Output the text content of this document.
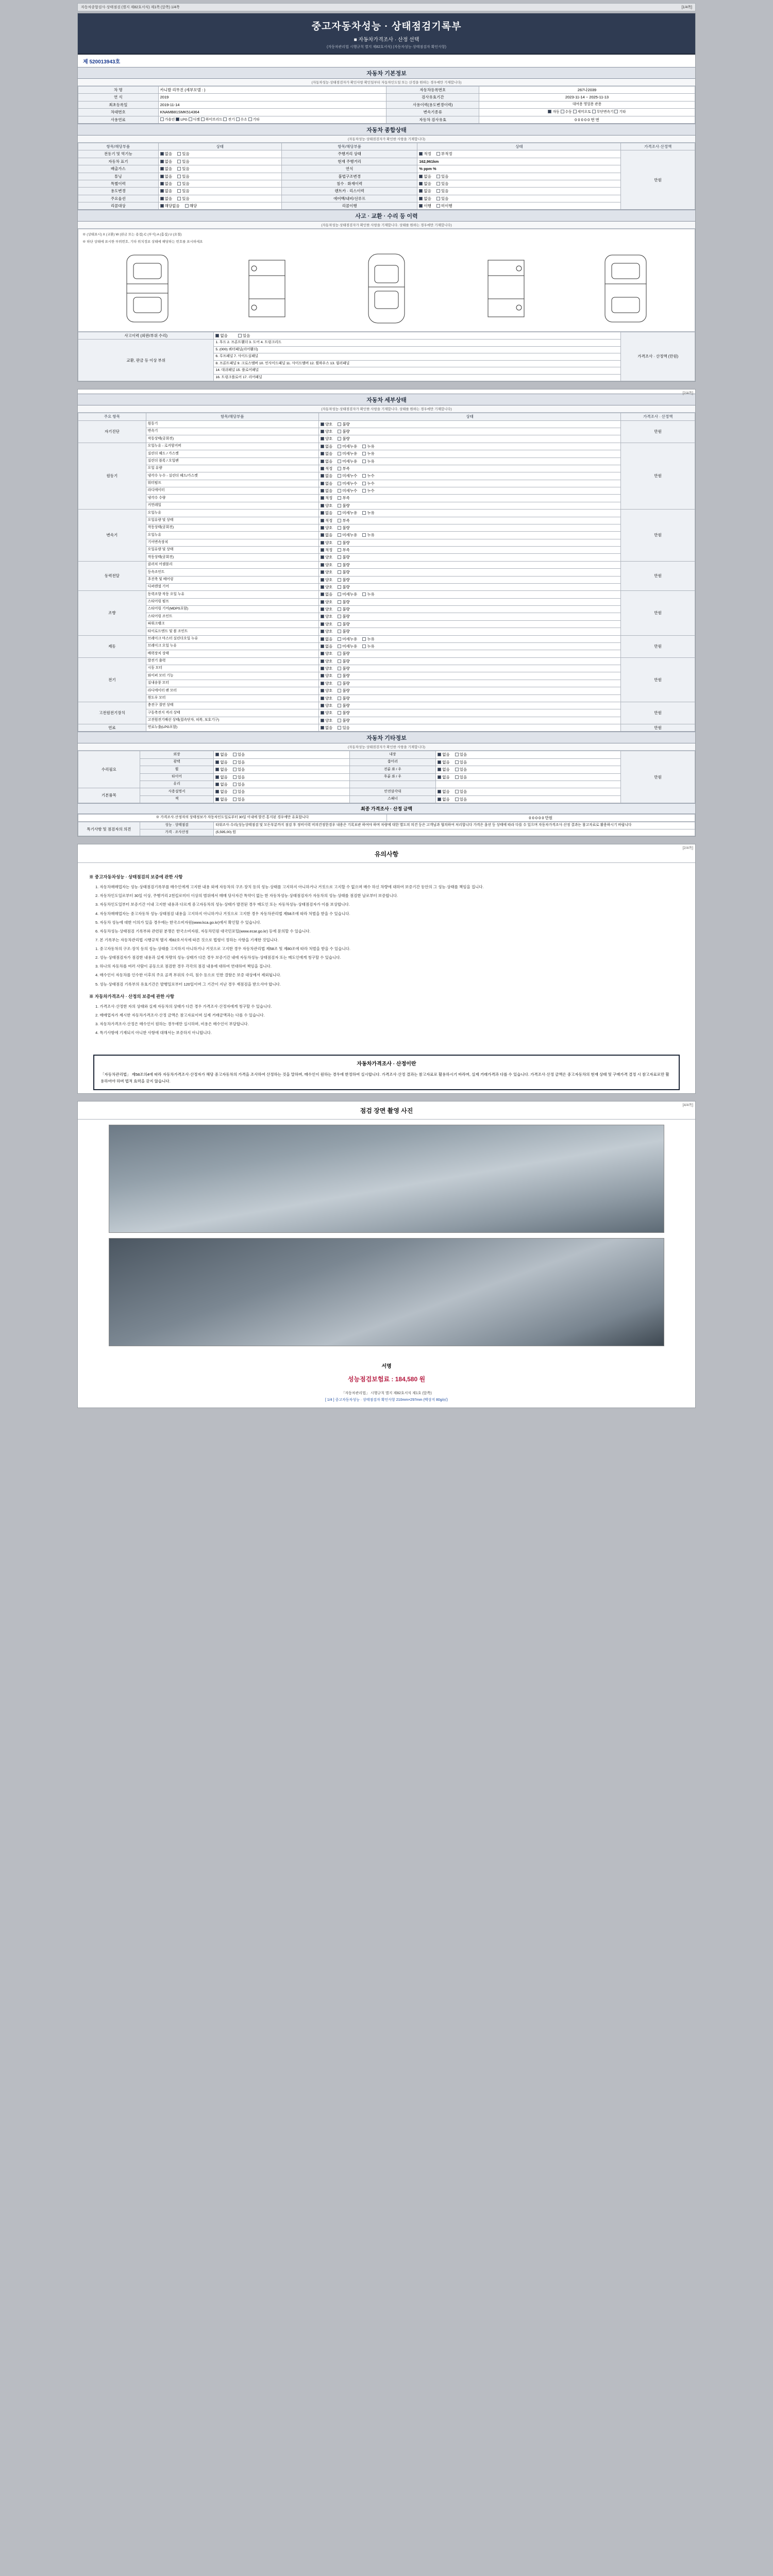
자동차종합검사·상태점검 (별지 제82호서식) 제1쪽 (앞쪽) 1/4쪽	[1/4쪽]
중고자동차성능 · 상태점검기록부
■ 자동차가격조사 · 산정 선택
(자동차관리법 시행규칙 별지 제82호서식) (자동차성능·상태점검자 확인사항)
제 520013943호
자동차 기본정보
(자동차성능·상태점검자가 확인사항 확인일부터 자동차인도일 또는 산정을 원하는 경우에만 기재합니다)
차 명	카니발 리무진 (세부모델 : )	자동차등록번호	267나2039
연 식	2019	검사유효기간	2023-11-14 ~ 2025-11-13
최초등록일	2019-11-14	사용이력(용도변경이력)	대여용 영업용 관용
차대번호	KNAMB81SMK514364	변속기종류	자동 수동 세미오토 무단변속기 기타
사용연료	가솔린 LPG 디젤 하이브리드 전기 수소 기타	자동차 검사유효	0 0 0 0 0 번 번
자동차 종합상태
(자동차성능·상태점검자가 확인한 사항을 기재합니다)
항목/해당부품	상태	항목/해당부품	상태	가격조사·산정액
전동기 및 역기능	없음 있음	주행거리 상태	적정 부적정	만원
자동차 표기	없음 있음	현재 주행거리	162,961km	
배출가스	없음 있음	연식	% ppm %	
튜닝	없음 있음	불법구조변경	없음 있음	
특별이력	없음 있음	침수 · 화재이력	없음 있음	
용도변경	없음 있음	렌트카 · 리스이력	없음 있음	
주요옵션	없음 있음	에어백/내비/선루프	없음 있음	
리콜대상	해당없음 해당	리콜이행	이행 미이행	
사고 · 교환 · 수리 등 이력
(자동차성능·상태점검자가 확인한 사항을 기재합니다. 상태를 원하는 경우에만 기재합니다)
※ (상태표시) X (교환) W (판금 또는 용접) C (부식) A (흠집) U (요철)
※ 하단 상태에 표시한 부위번호, 기타 위치정보 상태에 해당하는 번호를 표시하세요
사고이력 (외판/부위 수리)	없음 있음	가격조사 · 산정액 (만원)
교환, 판금 등 이상 부위	1. 후드 2. 프론트휀더 3. 도어 4. 트렁크리드	
	5. (000) 쿼터패널(리어휀더)	
	6. 루프패널 7. 사이드실패널	
	8. 프론트패널 9. 크로스멤버 10. 인사이드패널 11. 사이드멤버 12. 휠하우스 13. 필러패널	
	14. 대쉬패널 15. 플로어패널	
	16. 트렁크플로어 17. 리어패널	
[2/4쪽]
자동차 세부상태
(자동차성능·상태점검자가 확인한 사항을 기재합니다. 상태를 원하는 경우에만 기재합니다)
주요 항목	항목/해당부품	상태	가격조사 · 산정액
자기진단	원동기	양호 불량	만원
	변속기	양호 불량	
	작동상태(공회전)	양호 불량	
원동기	오일누유 - 로커암커버	없음 미세누유 누유	만원
	실린더 헤드 / 가스켓	없음 미세누유 누유	
	실린더 블록 / 오일팬	없음 미세누유 누유	
	오일 유량	적정 부족	
	냉각수 누수 - 실린더 헤드/가스켓	없음 미세누수 누수	
	워터펌프	없음 미세누수 누수	
	라디에이터	없음 미세누수 누수	
	냉각수 수량	적정 부족	
	커먼레일	양호 불량	
변속기	오일누유	없음 미세누유 누유	만원
	오일유량 및 상태	적정 부족	
	작동상태(공회전)	양호 불량	
	오일누유	없음 미세누유 누유	
	기어변속장치	양호 불량	
	오일유량 및 상태	적정 부족	
	작동상태(공회전)	양호 불량	
동력전달	클러치 어셈블리	양호 불량	만원
	등속조인트	양호 불량	
	추진축 및 베어링	양호 불량	
	디퍼렌셜 기어	양호 불량	
조향	동력조향 작동 오일 누유	없음 미세누유 누유	만원
	스티어링 펌프	양호 불량	
	스티어링 기어(MDPS포함)	양호 불량	
	스티어링 조인트	양호 불량	
	파워크랭크	양호 불량	
	타이로드엔드 및 볼 조인트	양호 불량	
제동	브레이크 마스터 실린더오일 누유	없음 미세누유 누유	만원
	브레이크 오일 누유	없음 미세누유 누유	
	배력장치 상태	양호 불량	
전기	발전기 출력	양호 불량	만원
	시동 모터	양호 불량	
	와이퍼 모터 기능	양호 불량	
	실내송풍 모터	양호 불량	
	라디에이터 팬 모터	양호 불량	
	윈도우 모터	양호 불량	
고전원전기장치	충전구 절연 상태	양호 불량	만원
	구동축전지 격리 상태	양호 불량	
	고전원전기배선 상태(접속단자, 피복, 보호기구)	양호 불량	
연료	연료누출(LPG포함)	없음 있음	만원
자동차 기타정보
(자동차성능·상태점검자가 확인한 사항을 기재합니다)
수리필요	외장	없음 있음	내장	없음 있음	만원
	광택	없음 있음	룸미러	없음 있음	
	휠	없음 있음	전륜 좌 / 우	없음 있음	
	타이어	없음 있음	후륜 좌 / 우	없음 있음	
	유리	없음 있음			
기본품목	사용설명서	없음 있음	안전삼각대	없음 있음	
	잭	없음 있음	스패너	없음 있음	
최종 가격조사 · 산정 금액
※ 가격조사·산정자의 상태정보가 자동차인도일로부터 30일 이내에 발견·통지된 경우에만 유효합니다	0 0 0 0 0 만원
특기사항 및 점검자의 의견	성능 · 상태점검	타워조사·수리(성능상태점검 및 모든부분까지 점검 후 정비이력 비의견정한경우 내용은 기록보관 하여야 하며 차량에 대한 별도의 의견 등은 고객님과 협의하여 처리합니다 가격은 옵션 등 상태에 따라 다를 수 있으며 자동차가격조사·산정 결과는 참고자료로 활용하시기 바랍니다
	가격 · 조사산정	(5,595,00) 원
[2/4쪽]
유의사항
※ 중고자동차성능 · 상태점검의 보증에 관한 사항

1. 자동차매매업자는 성능·상태점검기록부를 매수인에게 고지한 내용 외에 자동차의 구조·장치 등의 성능·상태를 고지하지 아니하거나 거짓으로 고지할 수 없으며 매수 하신 차량에 대하여 보증기간 동안의 그 성능·상태를 책임을 집니다.

2. 자동차인도일로부터 30일 이상, 주행거리 2천킬로미터 이상의 범위에서 매매 당사자간 특약이 없는 한 자동차성능·상태점검자가 자동차의 성능·상태를 점검한 날로부터 보증합니다.

3. 자동차인도일부터 보증기간 이내 고지한 내용과 다르게 중고자동차의 성능·상태가 발견된 경우 매도인 또는 자동차성능·상태점검자가 이를 보상합니다.

4. 자동차매매업자는 중고자동차 성능·상태점검 내용을 고지하지 아니하거나 거짓으로 고지한 경우 자동차관리법 제58조에 따라 처벌을 받을 수 있습니다.

5. 자동차 성능에 대한 이의가 있을 경우에는 한국소비자원(www.kca.go.kr)에서 확인할 수 있습니다.

6. 자동차성능·상태점검 기록부와 관련된 분쟁은 한국소비자원, 자동차민원 대국민포털(www.ecar.go.kr) 등에 문의할 수 있습니다.

7. 본 기록부는 자동차관리법 시행규칙 별지 제82호서식에 따른 것으로 법령이 정하는 사항을 기재한 것입니다.

1. 중고자동차의 구조·장치 등의 성능·상태를 고지하지 아니하거나 거짓으로 고지한 경우 자동차관리법 제58조 및 제80조에 따라 처벌을 받을 수 있습니다.

2. 성능·상태점검자가 점검한 내용과 실제 차량의 성능·상태가 다른 경우 보증기간 내에 자동차성능·상태점검자 또는 매도인에게 청구할 수 있습니다.

3. 하나의 자동차를 여러 사람이 공동으로 점검한 경우 각각의 점검 내용에 대하여 연대하여 책임을 집니다.

4. 매수인이 자동차를 인수한 이후의 주요 골격 부위의 수리, 침수 등으로 인한 결함은 보증 대상에서 제외됩니다.

5. 성능·상태점검 기록부의 유효기간은 발행일로부터 120일이며 그 기간이 지난 경우 재점검을 받으셔야 합니다.

※ 자동차가격조사 · 산정의 보증에 관한 사항

1. 가격조사·산정한 자의 상태와 실제 자동차의 상태가 다른 경우 가격조사·산정자에게 청구할 수 있습니다.

2. 매매업자가 제시한 자동차가격조사·산정 금액은 참고자료이며 실제 거래금액과는 다를 수 있습니다.

3. 자동차가격조사·산정은 매수인이 원하는 경우에만 실시하며, 비용은 매수인이 부담합니다.

4. 특기사항에 기재되지 아니한 사항에 대해서는 보증하지 아니합니다.

자동차가격조사 · 산정이란
「자동차관리법」 제58조의4에 따라 자동차가격조사·산정자가 해당 중고자동차의 가격을 조사하여 산정하는 것을 말하며, 매수인이 원하는 경우에 한정하여 실시합니다. 가격조사·산정 결과는 참고자료로 활용하시기 바라며, 실제 거래가격과 다를 수 있습니다. 가격조사·산정 금액은 중고자동차의 현재 상태 및 구매가격 결정 시 참고자료로만 활용하여야 하며 법적 효력을 갖지 않습니다.
[4/4쪽]
점검 장면 촬영 사진
서명
성능점검보험료 : 184,580 원
「자동차관리법」 시행규칙 별지 제82호서식 제1호 (앞쪽)
[ 1/4 ] 중고자동차성능 · 상태점검자 확인사항 210mm×297mm (백상지 80g/㎡)
